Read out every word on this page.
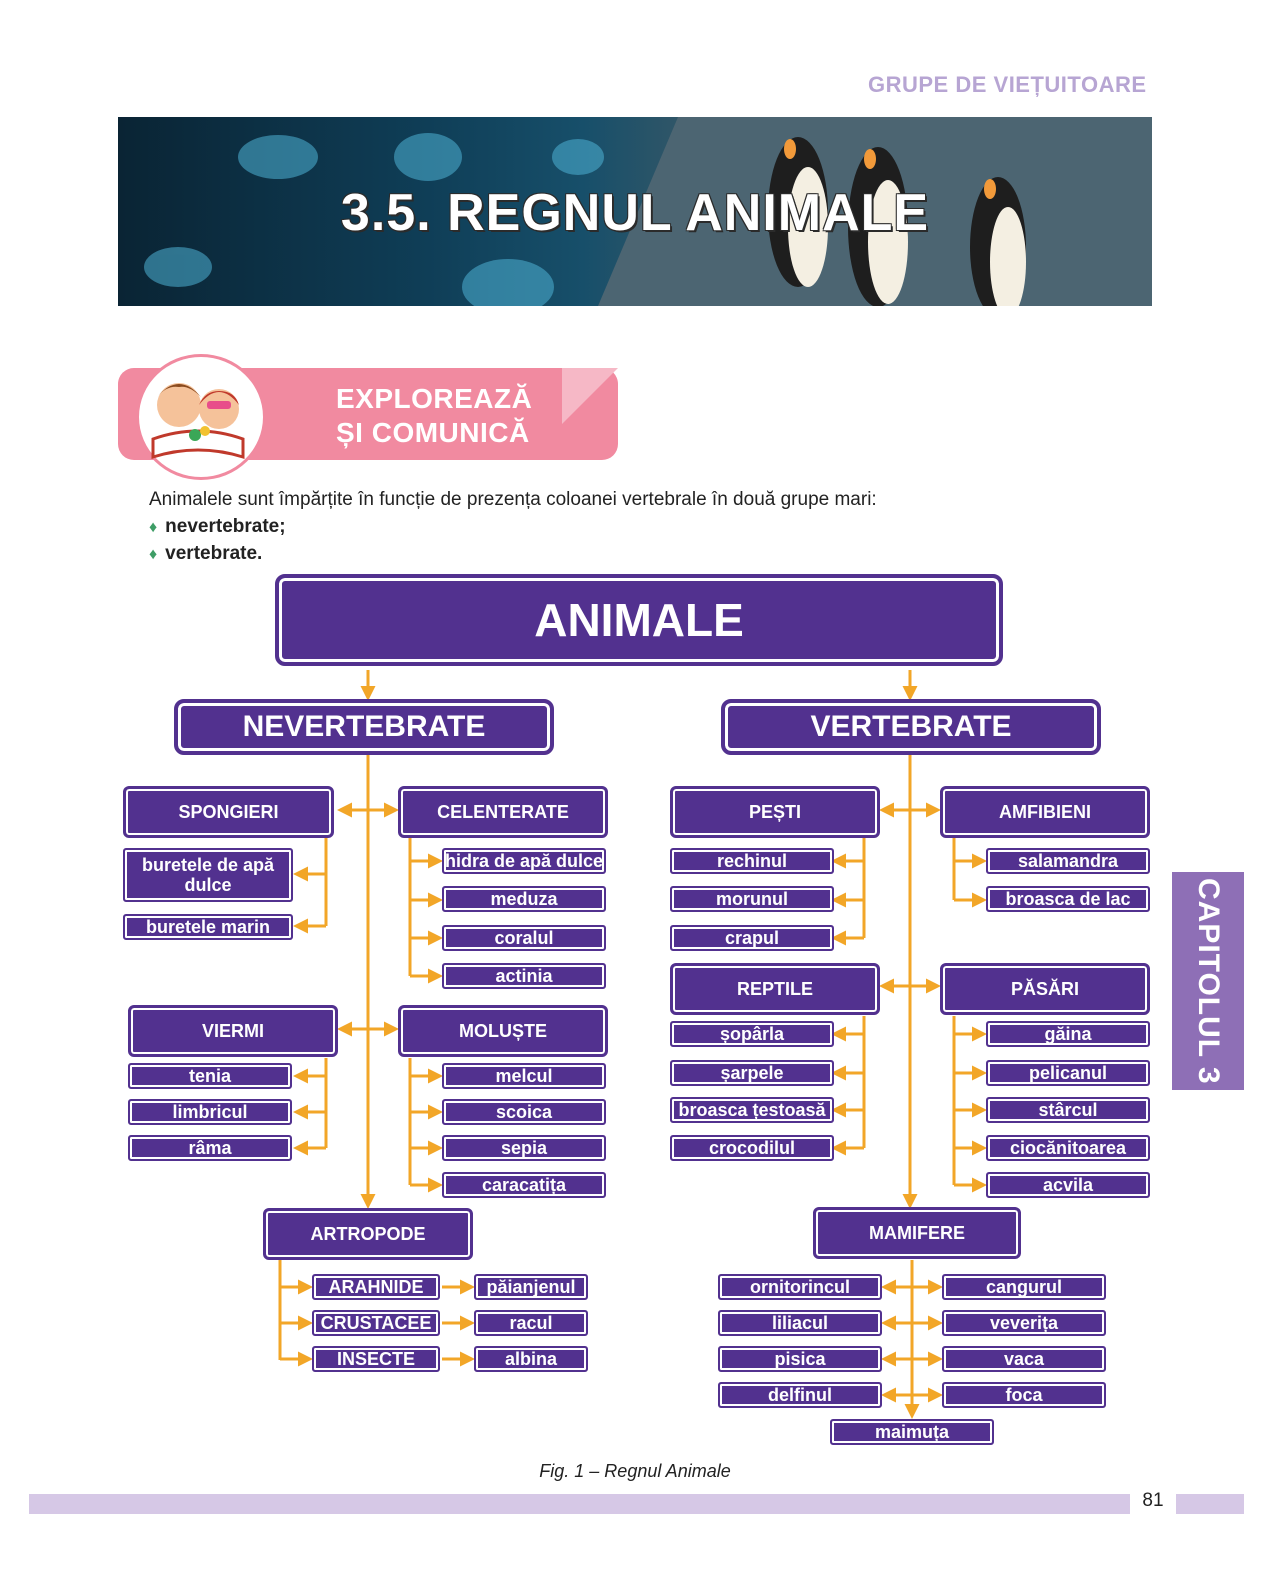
GRUPE DE VIEȚUITOARE
3.5. REGNUL ANIMALE
EXPLOREAZĂ
ȘI COMUNICĂ
Animalele sunt împărțite în funcție de prezența coloanei vertebrale în două grupe mari:
♦ nevertebrate;
♦ vertebrate.
ANIMALE
NEVERTEBRATE	VERTEBRATE
SPONGIERI	CELENTERATE
VIERMI	MOLUȘTE
ARTROPODE
buretele de apă dulce
buretele marin
hidra de apă dulce
meduza
coralul
actinia
tenia
limbricul
râma
melcul
scoica
sepia
caracatița
ARAHNIDE
CRUSTACEE
INSECTE
păianjenul
racul
albina
PEȘTI	AMFIBIENI
REPTILE	PĂSĂRI
MAMIFERE
rechinul
morunul
crapul
salamandra
broasca de lac
șopârla
șarpele
broasca țestoasă
crocodilul
găina
pelicanul
stârcul
ciocănitoarea
acvila
ornitorincul
liliacul
pisica
delfinul
cangurul
veverița
vaca
foca
maimuța
CAPITOLUL 3
Fig. 1 – Regnul Animale
81
